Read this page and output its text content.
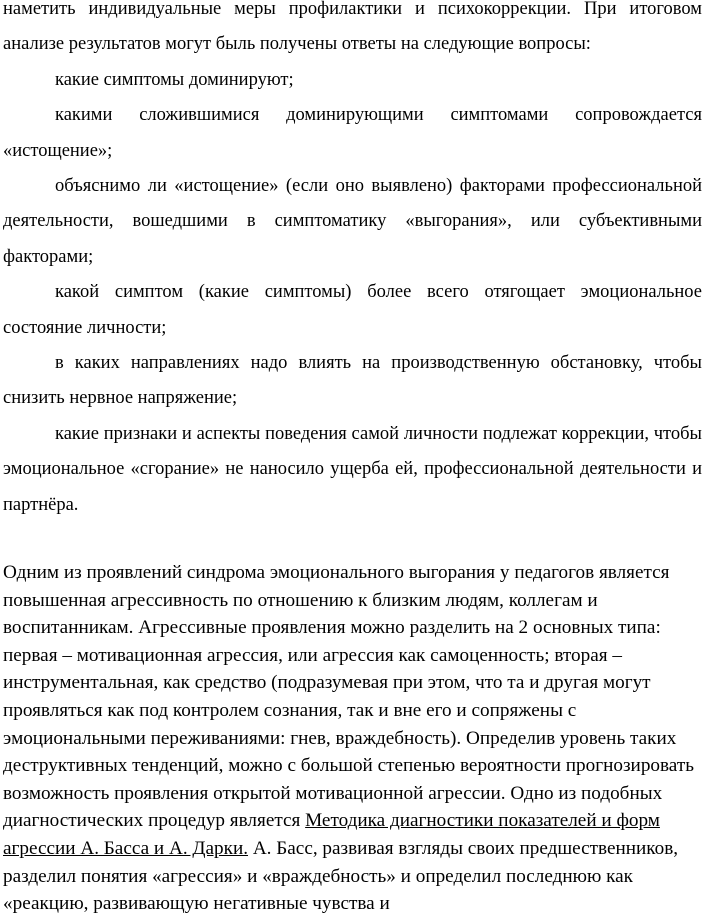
наметить индивидуальные меры профилактики и психокоррекции. При итоговом анализе результатов могут быль получены ответы на следующие вопросы:

какие симптомы доминируют;

какими сложившимися доминирующими симптомами сопровождается «истощение»;

объяснимо ли «истощение» (если оно выявлено) факторами профессиональной деятельности, вошедшими в симптоматику «выгорания», или субъективными факторами;

какой симптом (какие симптомы) более всего отягощает эмоциональное состояние личности;

в каких направлениях надо влиять на производственную обстановку, чтобы снизить нервное напряжение;

какие признаки и аспекты поведения самой личности подлежат коррекции, чтобы эмоциональное «сгорание» не наносило ущерба ей, профессиональной деятельности и партнёра.

Одним из проявлений синдрома эмоционального выгорания у педагогов является повышенная агрессивность по отношению к близким людям, коллегам и воспитанникам. Агрессивные проявления можно разделить на 2 основных типа: первая – мотивационная агрессия, или агрессия как самоценность; вторая – инструментальная, как средство (подразумевая при этом, что та и другая могут проявляться как под контролем сознания, так и вне его и сопряжены с эмоциональными переживаниями: гнев, враждебность). Определив уровень таких деструктивных тенденций, можно с большой степенью вероятности прогнозировать возможность проявления открытой мотивационной агрессии. Одно из подобных диагностических процедур является Методика диагностики показателей и форм агрессии А. Басса и А. Дарки. А. Басс, развивая взгляды своих предшественников, разделил понятия «агрессия» и «враждебность» и определил последнюю как «реакцию, развивающую негативные чувства и
